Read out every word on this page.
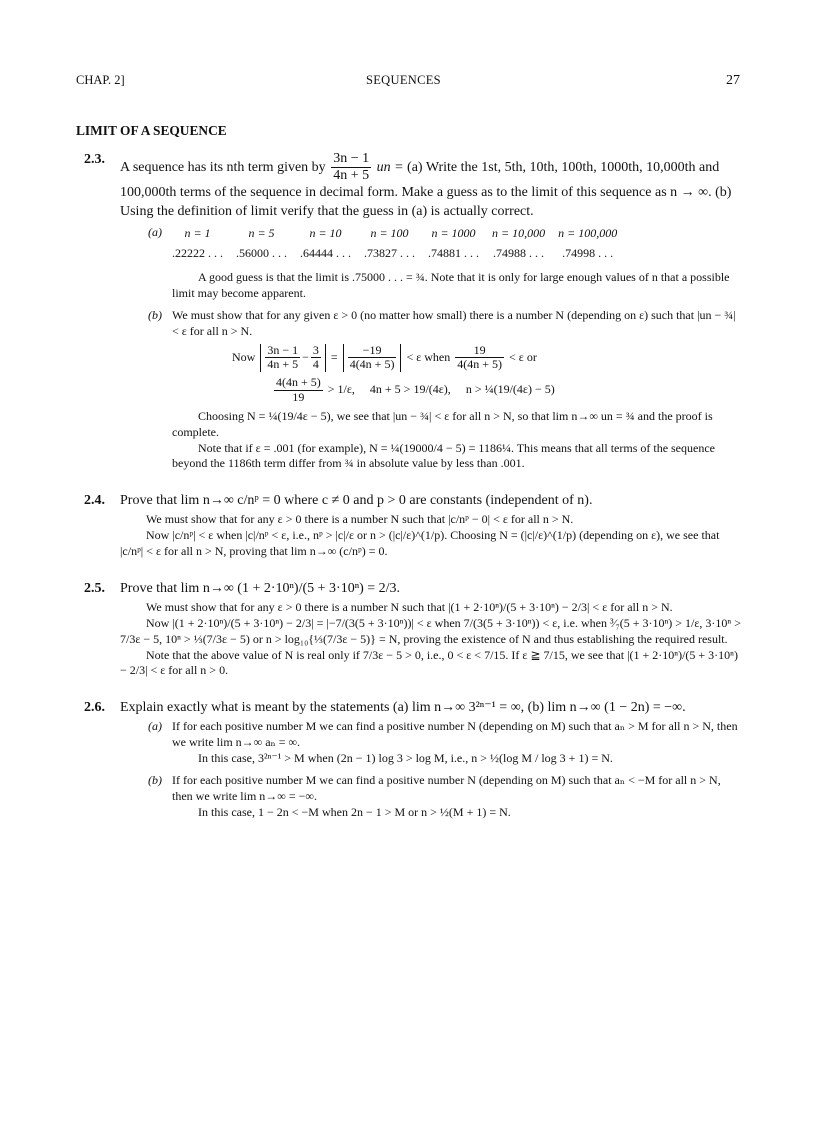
CHAP. 2]	SEQUENCES	27
LIMIT OF A SEQUENCE
2.3.
A sequence has its nth term given by $\frac{3n - 1}{4n + 5}$ un = (a) Write the 1st, 5th, 10th, 100th, 1000th, 10,000th and 100,000th terms of the sequence in decimal form. Make a guess as to the limit of this sequence as n → ∞. (b) Using the definition of limit verify that the guess in (a) is actually correct.
(a) n = 1	n = 5	n = 10	n = 100	n = 1000	n = 10,000	n = 100,000
.22222 . . .	.56000 . . .	.64444 . . .	.73827 . . .	.74881 . . .	.74988 . . .	.74998 . . .
A good guess is that the limit is .75000 . . . = ¾. Note that it is only for large enough values of n that a possible limit may become apparent.
(b) We must show that for any given ε > 0 (no matter how small) there is a number N (depending on ε) such that |un − ¾| < ε for all n > N.
Now $\frac{3n - 1}{4n + 5} - \frac{3}{4} = \frac{-19}{4(4n + 5)} < \varepsilon$ when $\frac{19}{4(4n + 5)} < \varepsilon$ or
$\frac{4(4n + 5)}{19} > 1/\varepsilon$, 4n + 5 > 19/(4ε), n > ¼(19/(4ε) − 5)
Choosing N = ¼(19/4ε − 5), we see that |un − ¾| < ε for all n > N, so that lim n→∞ un = ¾ and the proof is complete.
Note that if ε = .001 (for example), N = ¼(19000/4 − 5) = 1186¼. This means that all terms of the sequence beyond the 1186th term differ from ¾ in absolute value by less than .001.
2.4. Prove that lim n→∞ c/nᵖ = 0 where c ≠ 0 and p > 0 are constants (independent of n).
We must show that for any ε > 0 there is a number N such that |c/nᵖ − 0| < ε for all n > N.
Now |c/nᵖ| < ε when |c|/nᵖ < ε, i.e., nᵖ > |c|/ε or n > (|c|/ε)^(1/p). Choosing N = (|c|/ε)^(1/p) (depending on ε), we see that |c/nᵖ| < ε for all n > N, proving that lim n→∞ (c/nᵖ) = 0.
2.5. Prove that lim n→∞ (1 + 2·10ⁿ)/(5 + 3·10ⁿ) = 2/3.
We must show that for any ε > 0 there is a number N such that |(1 + 2·10ⁿ)/(5 + 3·10ⁿ) − 2/3| < ε for all n > N.
Now |(1 + 2·10ⁿ)/(5 + 3·10ⁿ) − 2/3| = |−7/(3(5 + 3·10ⁿ))| < ε when 7/(3(5 + 3·10ⁿ)) < ε, i.e. when ³⁄₇(5 + 3·10ⁿ) > 1/ε, 3·10ⁿ > 7/3ε − 5, 10ⁿ > ⅓(7/3ε − 5) or n > log₁₀{⅓(7/3ε − 5)} = N, proving the existence of N and thus establishing the required result.
Note that the above value of N is real only if 7/3ε − 5 > 0, i.e., 0 < ε < 7/15. If ε ≧ 7/15, we see that |(1 + 2·10ⁿ)/(5 + 3·10ⁿ) − 2/3| < ε for all n > 0.
2.6. Explain exactly what is meant by the statements (a) lim n→∞ 3²ⁿ⁻¹ = ∞, (b) lim n→∞ (1 − 2n) = −∞.
(a) If for each positive number M we can find a positive number N (depending on M) such that aₙ > M for all n > N, then we write lim n→∞ aₙ = ∞.
In this case, 3²ⁿ⁻¹ > M when (2n − 1) log 3 > log M, i.e., n > ½(log M / log 3 + 1) = N.
(b) If for each positive number M we can find a positive number N (depending on M) such that aₙ < −M for all n > N, then we write lim n→∞ = −∞.
In this case, 1 − 2n < −M when 2n − 1 > M or n > ½(M + 1) = N.
